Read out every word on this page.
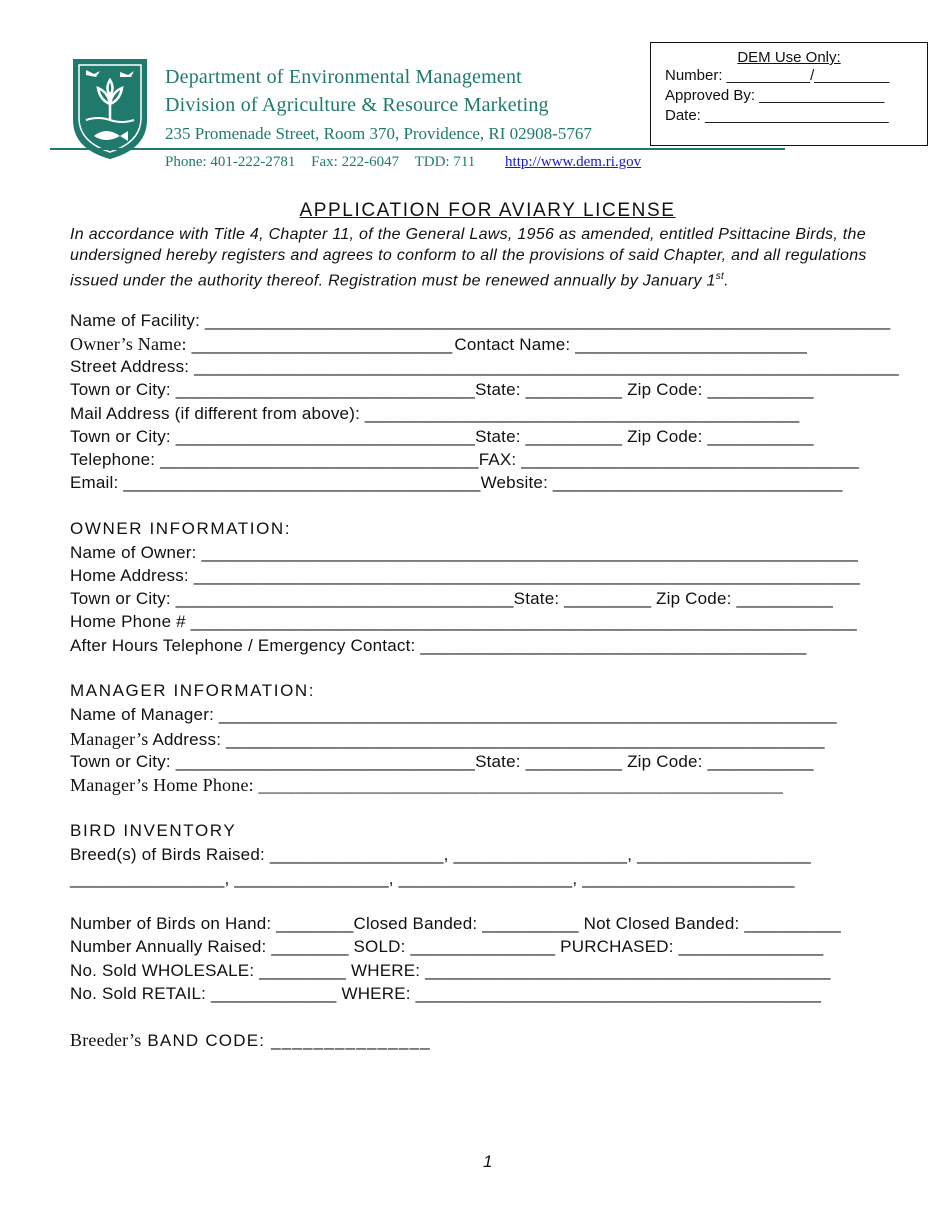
Department of Environmental Management
Division of Agriculture & Resource Marketing
235 Promenade Street, Room 370, Providence, RI 02908-5767
Phone: 401-222-2781 Fax: 222-6047 TDD: 711 http://www.dem.ri.gov
DEM Use Only:
Number: __________/_________
Approved By: _______________
Date: ______________________
APPLICATION FOR AVIARY LICENSE
In accordance with Title 4, Chapter 11, of the General Laws, 1956 as amended, entitled Psittacine Birds, the undersigned hereby registers and agrees to conform to all the provisions of said Chapter, and all regulations issued under the authority thereof. Registration must be renewed annually by January 1st.
Name of Facility: _______________________________________________________________________
Owner’s Name: ___________________________ Contact Name: ________________________
Street Address: _________________________________________________________________________
Town or City: _______________________________State: __________ Zip Code: ___________
Mail Address (if different from above): _____________________________________________
Town or City: _______________________________State: __________ Zip Code: ___________
Telephone: _________________________________FAX: ___________________________________
Email: _____________________________________Website: ______________________________
OWNER INFORMATION:
Name of Owner: ____________________________________________________________________
Home Address: _____________________________________________________________________
Town or City: ___________________________________State: _________ Zip Code: __________
Home Phone # _____________________________________________________________________
After Hours Telephone / Emergency Contact: ________________________________________
MANAGER INFORMATION:
Name of Manager: ________________________________________________________________
Manager’s Address: ______________________________________________________________
Town or City: _______________________________State: __________ Zip Code: ___________
Manager’s Home Phone: _________________________________________________________
BIRD INVENTORY
Breed(s) of Birds Raised: __________________, __________________, __________________
________________, ________________, __________________, ______________________
Number of Birds on Hand: ________Closed Banded: __________ Not Closed Banded: __________
Number Annually Raised: ________ SOLD: _______________ PURCHASED: _______________
No. Sold WHOLESALE: _________ WHERE: __________________________________________
No. Sold RETAIL: _____________ WHERE: __________________________________________
Breeder’s BAND CODE: _______________
1
